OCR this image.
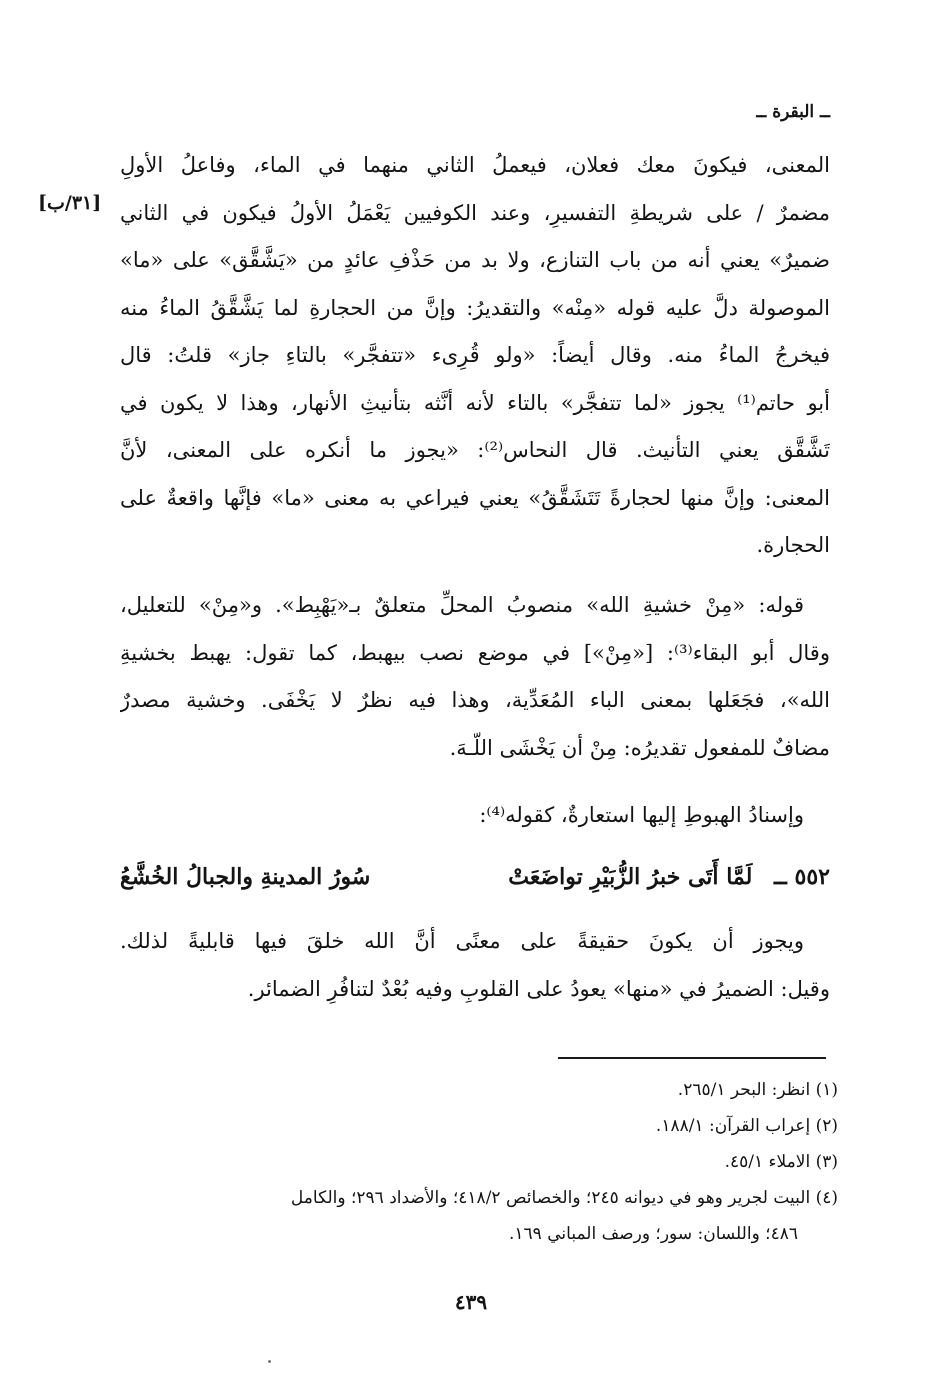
ــ البقرة ــ
[٣١/ب]
المعنى، فيكونَ معك فعلان، فيعملُ الثاني منهما في الماء، وفاعلُ الأولِ
مضمرٌ / على شريطةِ التفسيرِ، وعند الكوفيين يَعْمَلُ الأولُ فيكون في الثاني
ضميرٌ» يعني أنه من باب التنازع، ولا بد من حَذْفِ عائدٍ من «يَشَّقَّق» على «ما»
الموصولة دلَّ عليه قوله «مِنْه» والتقديرُ: وإنَّ من الحجارةِ لما يَشَّقَّقُ الماءُ منه
فيخرجُ الماءُ منه. وقال أيضاً: «ولو قُرِىء «تتفجَّر» بالتاءِ جاز» قلتُ: قال
أبو حاتم⁽¹⁾ يجوز «لما تتفجَّر» بالتاء لأنه أنَّثه بتأنيثِ الأنهار، وهذا لا يكون في
تَشَّقَّق يعني التأنيث. قال النحاس⁽²⁾: «يجوز ما أنكره على المعنى، لأنَّ
المعنى: وإنَّ منها لحجارةً تَتَشَقَّقُ» يعني فيراعي به معنى «ما» فإنَّها واقعةٌ على
الحجارة.
قوله: «مِنْ خشيةِ الله» منصوبُ المحلِّ متعلقٌ بـ«يَهْبِط». و«مِنْ» للتعليل،
وقال أبو البقاء⁽³⁾: [«مِنْ»] في موضع نصب بيهبط، كما تقول: يهبط بخشيةِ
الله»، فجَعَلها بمعنى الباء المُعَدِّية، وهذا فيه نظرٌ لا يَخْفَى. وخشية مصدرٌ
مضافٌ للمفعول تقديرُه: مِنْ أن يَخْشَى اللّـهَ.
وإسنادُ الهبوطِ إليها استعارةٌ، كقوله⁽⁴⁾:
٥٥٢ ــ لَمَّا أَتَى خبرُ الزُّبَيْرِ تواضَعَتْ
سُورُ المدينةِ والجبالُ الخُشَّعُ
ويجوز أن يكونَ حقيقةً على معنًى أنَّ الله خلقَ فيها قابليةً لذلك.
وقيل: الضميرُ في «منها» يعودُ على القلوبِ وفيه بُعْدٌ لتنافُرِ الضمائر.
(١) انظر: البحر ٢٦٥/١.
(٢) إعراب القرآن: ١٨٨/١.
(٣) الاملاء ٤٥/١.
(٤) البيت لجرير وهو في ديوانه ٢٤٥؛ والخصائص ٤١٨/٢؛ والأضداد ٢٩٦؛ والكامل
٤٨٦؛ واللسان: سور؛ ورصف المباني ١٦٩.
٤٣٩
